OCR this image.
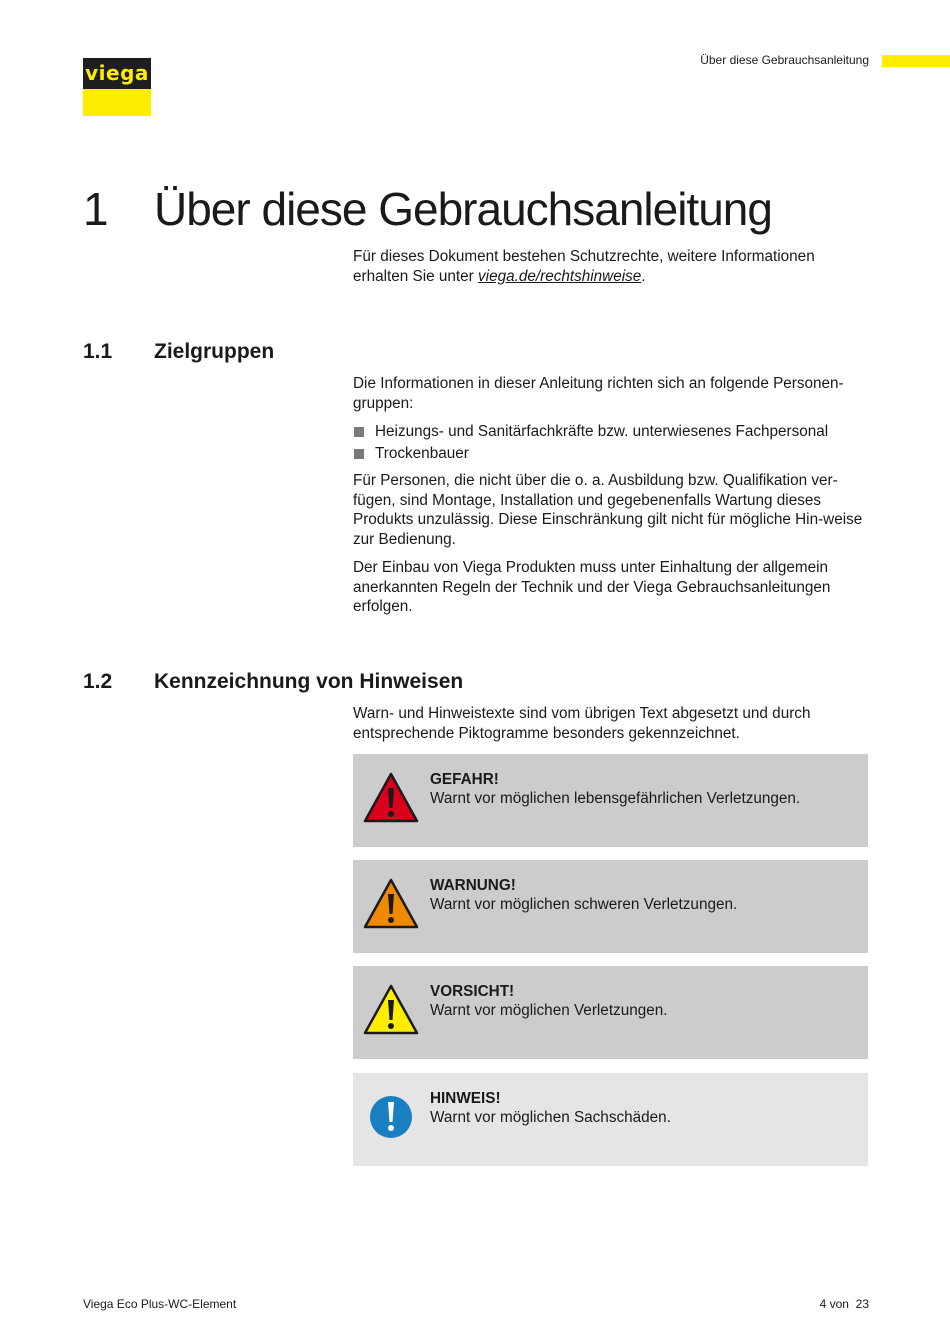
viega
Über diese Gebrauchsanleitung
1 Über diese Gebrauchsanleitung

Für dieses Dokument bestehen Schutzrechte, weitere Informationen erhalten Sie unter viega.de/rechtshinweise.

1.1 Zielgruppen

Die Informationen in dieser Anleitung richten sich an folgende Personen-gruppen:

Heizungs- und Sanitärfachkräfte bzw. unterwiesenes Fachpersonal
Trockenbauer

Für Personen, die nicht über die o. a. Ausbildung bzw. Qualifikation ver-fügen, sind Montage, Installation und gegebenenfalls Wartung dieses Produkts unzulässig. Diese Einschränkung gilt nicht für mögliche Hin-weise zur Bedienung.

Der Einbau von Viega Produkten muss unter Einhaltung der allgemein anerkannten Regeln der Technik und der Viega Gebrauchsanleitungen erfolgen.

1.2 Kennzeichnung von Hinweisen

Warn- und Hinweistexte sind vom übrigen Text abgesetzt und durch entsprechende Piktogramme besonders gekennzeichnet.

GEFAHR!
Warnt vor möglichen lebensgefährlichen Verletzungen.
WARNUNG!
Warnt vor möglichen schweren Verletzungen.
VORSICHT!
Warnt vor möglichen Verletzungen.
HINWEIS!
Warnt vor möglichen Sachschäden.
Viega Eco Plus-WC-Element	4 von  23
